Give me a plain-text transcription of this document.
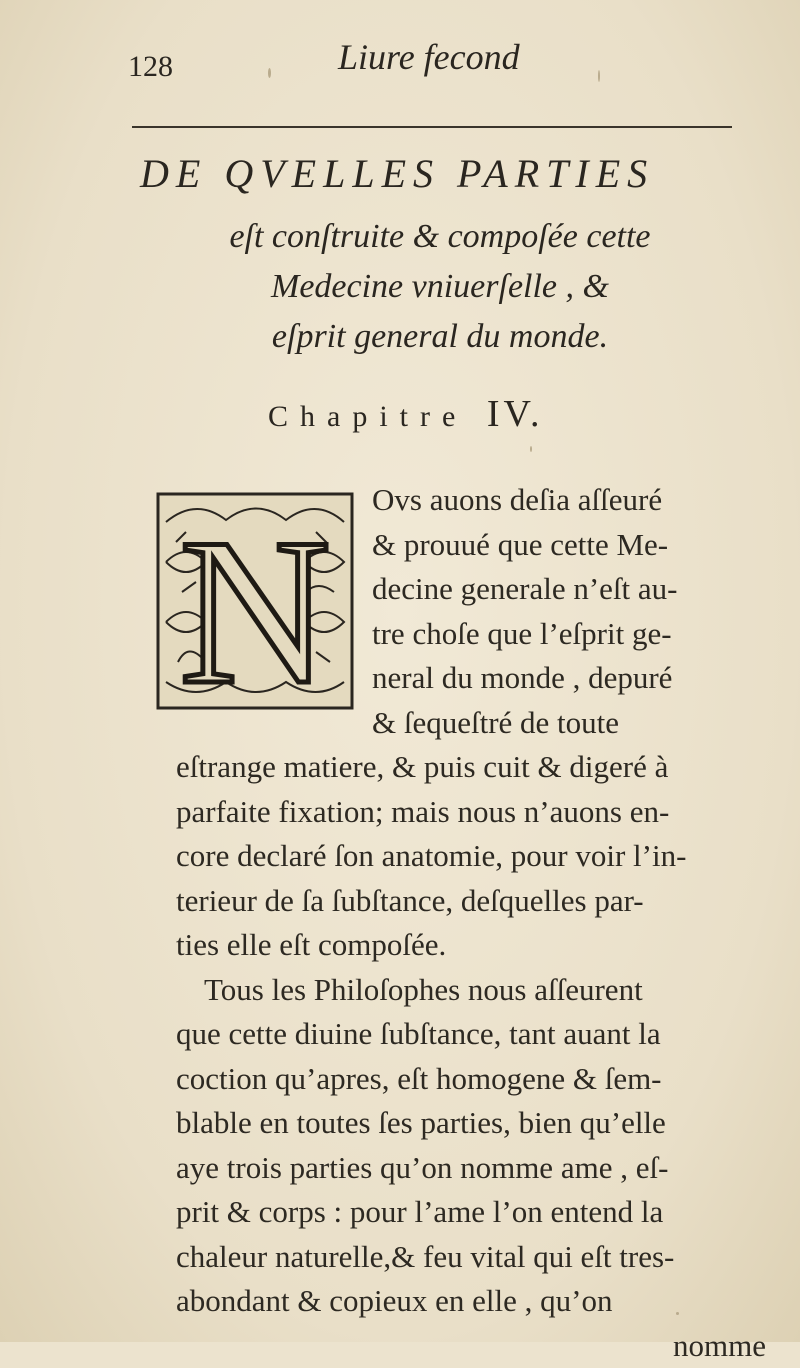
128	Liure fecond
DE QVELLES PARTIES
eſt conſtruite & compoſée cette
Medecine vniuerſelle , &
eſprit general du monde.
Chapitre IV.
N	Ovs auons deſia aſſeuré
& prouué que cette Me-
decine generale n’eſt au-
tre choſe que l’eſprit ge-
neral du monde , depuré
& ſequeſtré de toute
eſtrange matiere, & puis cuit & digeré à
parfaite fixation; mais nous n’auons en-
core declaré ſon anatomie, pour voir l’in-
terieur de ſa ſubſtance, deſquelles par-
ties elle eſt compoſée.
Tous les Philoſophes nous aſſeurent
que cette diuine ſubſtance, tant auant la
coction qu’apres, eſt homogene & ſem-
blable en toutes ſes parties, bien qu’elle
aye trois parties qu’on nomme ame , eſ-
prit & corps : pour l’ame l’on entend la
chaleur naturelle,& feu vital qui eſt tres-
abondant & copieux en elle , qu’on
nomme
